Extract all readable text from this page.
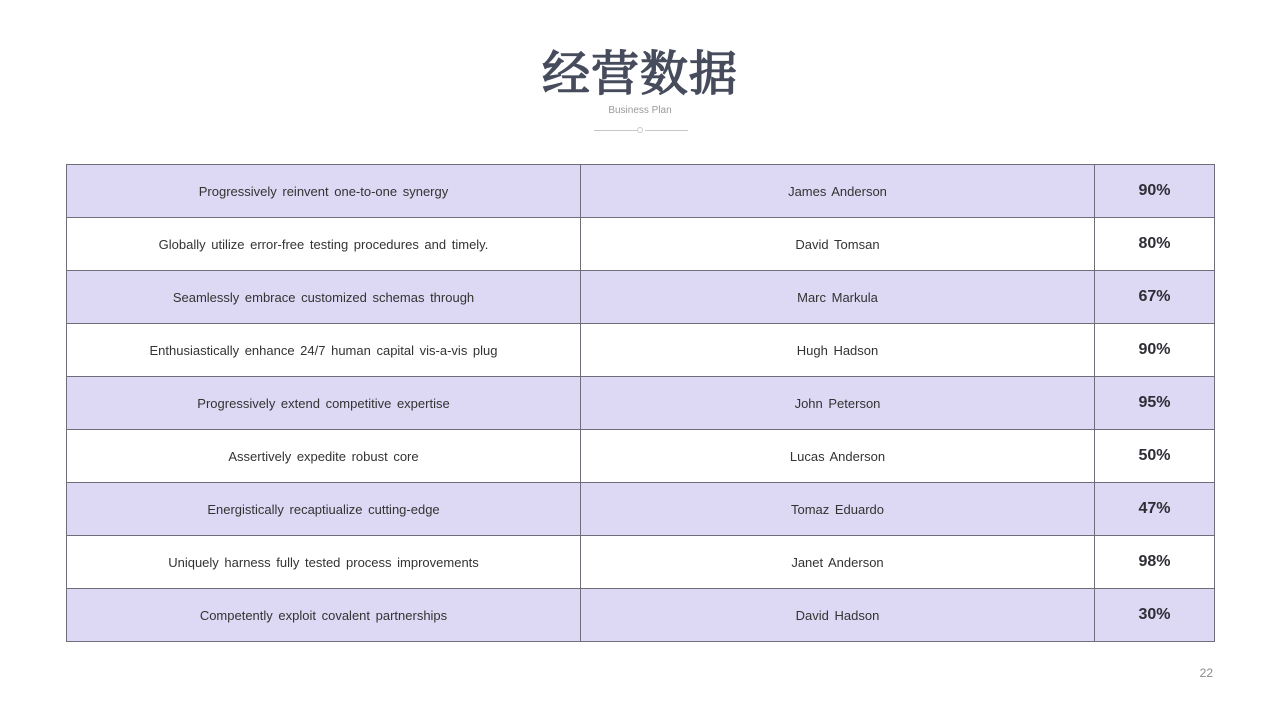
经营数据
Business Plan
Progressively reinvent one-to-one synergy	James Anderson	90%
Globally utilize error-free testing procedures and timely.	David Tomsan	80%
Seamlessly embrace customized schemas through	Marc Markula	67%
Enthusiastically enhance 24/7 human capital vis-a-vis plug	Hugh Hadson	90%
Progressively extend competitive expertise	John Peterson	95%
Assertively expedite robust core	Lucas Anderson	50%
Energistically recaptiualize cutting-edge	Tomaz Eduardo	47%
Uniquely harness fully tested process improvements	Janet Anderson	98%
Competently exploit covalent partnerships	David Hadson	30%
22
